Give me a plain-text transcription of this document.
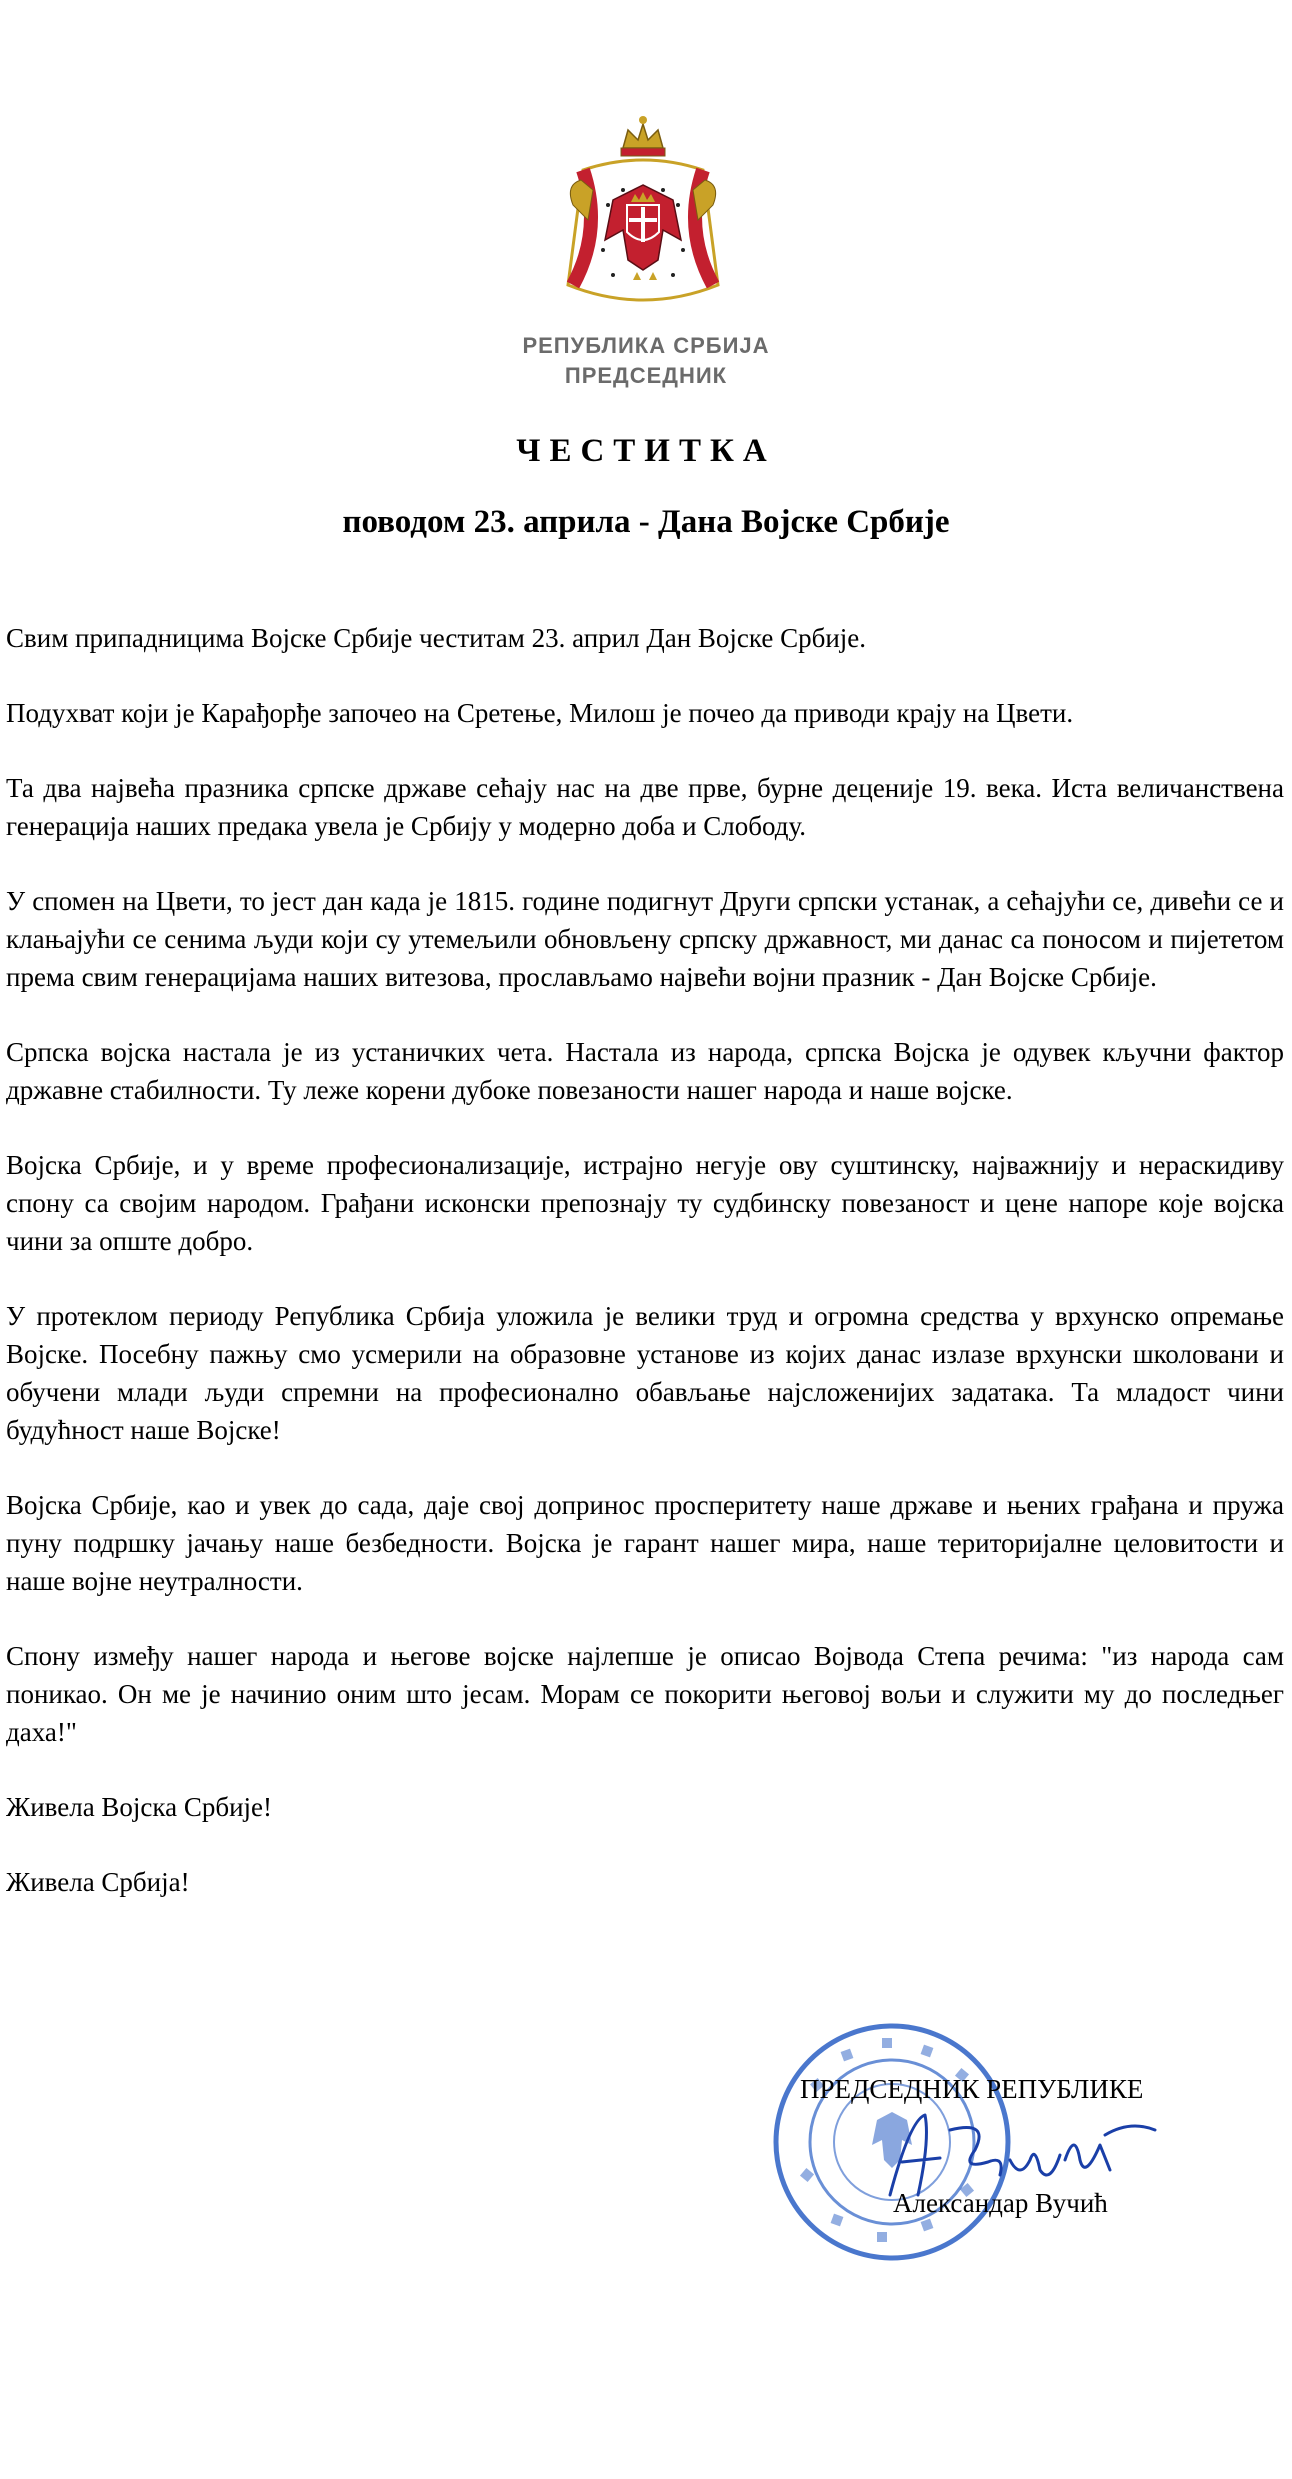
РЕПУБЛИКА СРБИЈА
ПРЕДСЕДНИК
ЧЕСТИТКА
поводом 23. априла - Дана Војске Србије

Свим припадницима Војске Србије честитам 23. април Дан Војске Србије.

Подухват који је Карађорђе започео на Сретење, Милош је почео да приводи крају на Цвети.

Та два највећа празника српске државе сећају нас на две прве, бурне деценије 19. века. Иста величанствена генерација наших предака увела је Србију у модерно доба и Слободу.

У спомен на Цвети, то јест дан када је 1815. године подигнут Други српски устанак, а сећајући се, дивећи се и клањајући се сенима људи који су утемељили обновљену српску државност, ми данас са поносом и пијететом према свим генерацијама наших витезова, прослављамо највећи војни празник - Дан Војске Србије.

Српска војска настала је из устаничких чета. Настала из народа, српска Војска је одувек кључни фактор државне стабилности. Ту леже корени дубоке повезаности нашег народа и наше војске.

Војска Србије, и у време професионализације, истрајно негује ову суштинску, најважнију и нераскидиву спону са својим народом. Грађани исконски препознају ту судбинску повезаност и цене напоре које војска чини за опште добро.

У протеклом периоду Република Србија уложила је велики труд и огромна средства у врхунско опремање Војске. Посебну пажњу смо усмерили на образовне установе из којих данас излазе врхунски школовани и обучени млади људи спремни на професионално обављање најсложенијих задатака. Та младост чини будућност наше Војске!

Војска Србије, као и увек до сада, даје свој допринос просперитету наше државе и њених грађана и пружа пуну подршку јачању наше безбедности. Војска је гарант нашег мира, наше територијалне целовитости и наше војне неутралности.

Спону између нашег народа и његове војске најлепше је описао Војвода Степа речима: "из народа сам поникао. Он ме је начинио оним што јесам. Морам се покорити његовој вољи и служити му до последњег даха!"

Живела Војска Србије!

Живела Србија!

ПРЕДСЕДНИК РЕПУБЛИКЕ
Александар Вучић
